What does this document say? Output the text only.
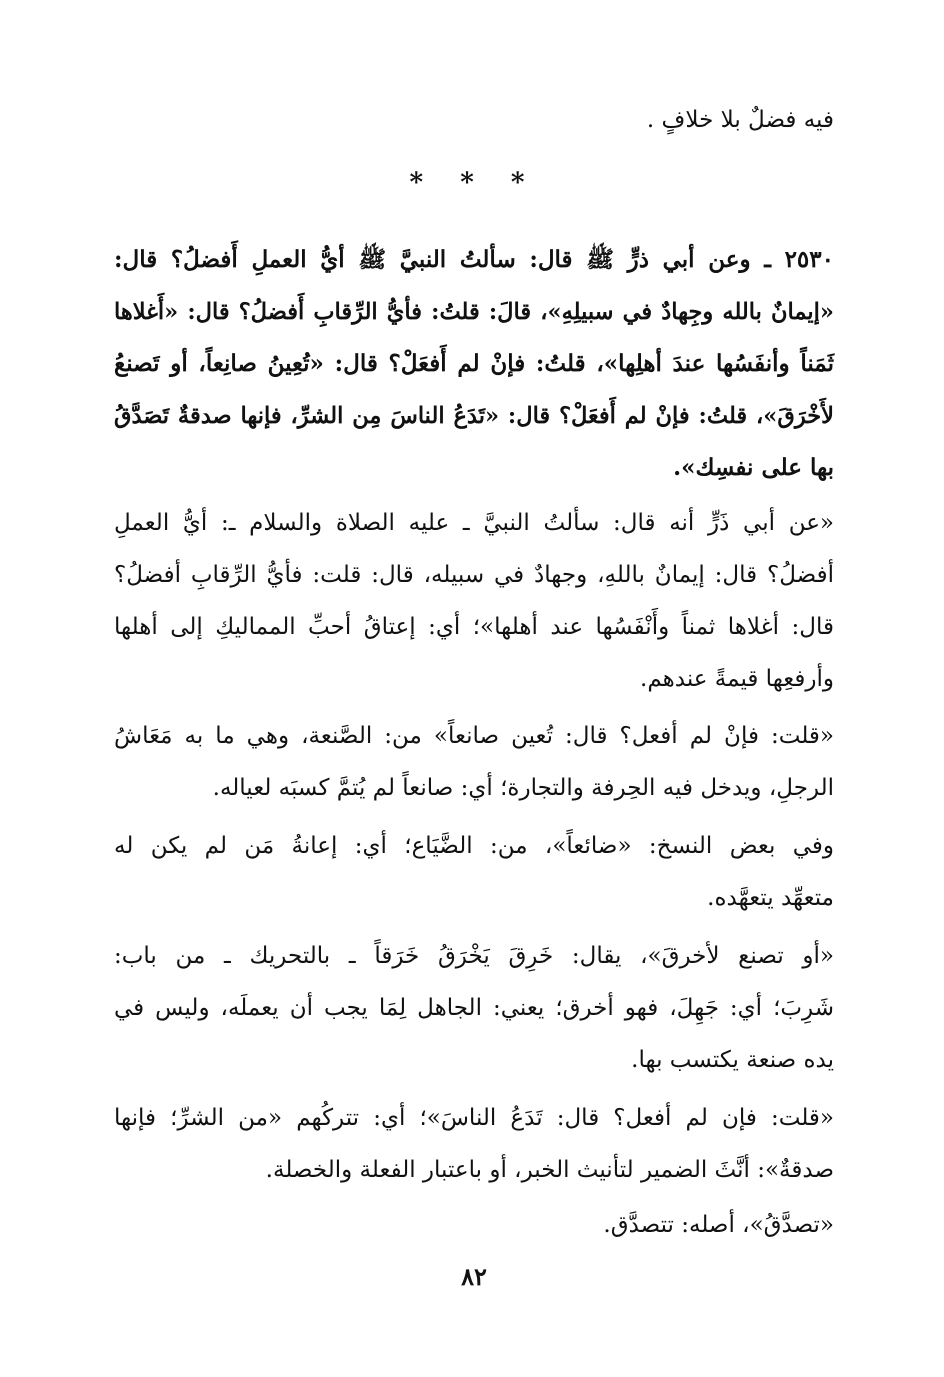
فيه فضلٌ بلا خلافٍ .
* * *
٢٥٣٠ ـ وعن أبي ذرٍّ ﷺ قال: سألتُ النبيَّ ﷺ أيُّ العملِ أَفضلُ؟ قال:
«إيمانٌ بالله وجِهادٌ في سبيلِهِ»، قالَ: قلتُ: فأيُّ الرِّقابِ أَفضلُ؟ قال: «أَغلاها
ثَمَناً وأنفَسُها عندَ أهلِها»، قلتُ: فإنْ لم أَفعَلْ؟ قال: «تُعِينُ صانِعاً، أو تَصنعُ
لأَخْرَقَ»، قلتُ: فإنْ لم أَفعَلْ؟ قال: «تَدَعُ الناسَ مِن الشرِّ، فإنها صدقةٌ تَصَدَّقُ
بها على نفسِك».
«عن أبي ذَرٍّ أنه قال: سألتُ النبيَّ ـ عليه الصلاة والسلام ـ: أيُّ العملِ
أفضلُ؟ قال: إيمانٌ باللهِ، وجهادٌ في سبيله، قال: قلت: فأيُّ الرِّقابِ أفضلُ؟
قال: أغلاها ثمناً وأَنْفَسُها عند أهلها»؛ أي: إعتاقُ أحبِّ المماليكِ إلى أهلها
وأرفعِها قيمةً عندهم.
«قلت: فإنْ لم أفعل؟ قال: تُعين صانعاً» من: الصَّنعة، وهي ما به مَعَاشُ
الرجلِ، ويدخل فيه الحِرفة والتجارة؛ أي: صانعاً لم يُتمَّ كسبَه لعياله.
وفي بعض النسخ: «ضائعاً»، من: الضَّيَاع؛ أي: إعانةُ مَن لم يكن له
متعهِّد يتعهَّده.
«أو تصنع لأخرقَ»، يقال: خَرِقَ يَخْرَقُ خَرَقاً ـ بالتحريك ـ من باب:
شَرِبَ؛ أي: جَهِلَ، فهو أخرق؛ يعني: الجاهل لِمَا يجب أن يعملَه، وليس في
يده صنعة يكتسب بها.
«قلت: فإن لم أفعل؟ قال: تَدَعُ الناسَ»؛ أي: تتركُهم «من الشرِّ؛ فإنها
صدقةٌ»: أنَّثَ الضمير لتأنيث الخبر، أو باعتبار الفعلة والخصلة.
«تصدَّقُ»، أصله: تتصدَّق.
٨٢
